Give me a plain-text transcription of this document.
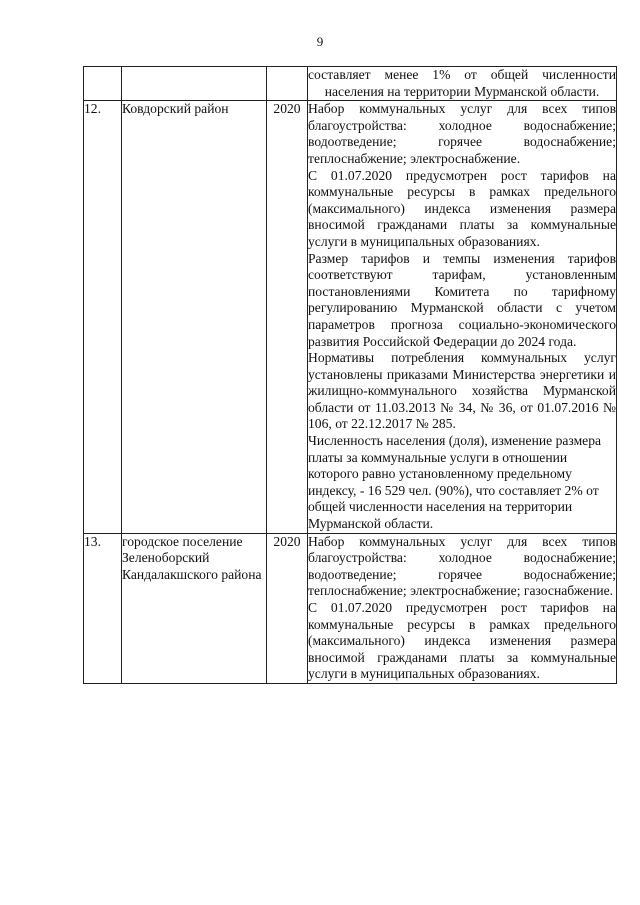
9

			составляет менее 1% от общей численности населения на территории Мурманской области.

12.	Ковдорский район	2020	Набор коммунальных услуг для всех типов благоустройства: холодное водоснабжение; водоотведение; горячее водоснабжение; теплоснабжение; электроснабжение.
С 01.07.2020 предусмотрен рост тарифов на коммунальные ресурсы в рамках предельного (максимального) индекса изменения размера вносимой гражданами платы за коммунальные услуги в муниципальных образованиях.
Размер тарифов и темпы изменения тарифов соответствуют тарифам, установленным постановлениями Комитета по тарифному регулированию Мурманской области с учетом параметров прогноза социально-экономического развития Российской Федерации до 2024 года.
Нормативы потребления коммунальных услуг установлены приказами Министерства энергетики и жилищно-коммунального хозяйства Мурманской области от 11.03.2013 № 34, № 36, от 01.07.2016 № 106, от 22.12.2017 № 285.
Численность населения (доля), изменение размера платы за коммунальные услуги в отношении которого равно установленному предельному индексу, - 16 529 чел. (90%), что составляет 2% от общей численности населения на территории Мурманской области.

13.	городское поселение Зеленоборский Кандалакшского района	2020	Набор коммунальных услуг для всех типов благоустройства: холодное водоснабжение; водоотведение; горячее водоснабжение; теплоснабжение; электроснабжение; газоснабжение.
С 01.07.2020 предусмотрен рост тарифов на коммунальные ресурсы в рамках предельного (максимального) индекса изменения размера вносимой гражданами платы за коммунальные услуги в муниципальных образованиях.
